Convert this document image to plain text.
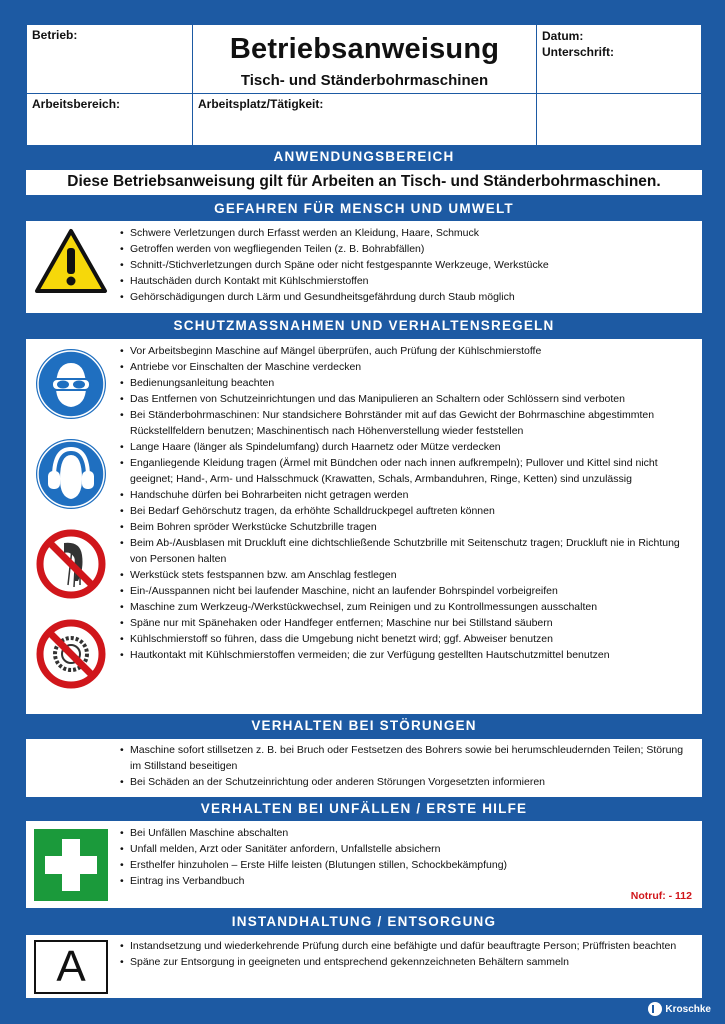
Betrieb:	Betriebsanweisung
Tisch- und Ständerbohrmaschinen
Datum:
Unterschrift:
Arbeitsbereich:	Arbeitsplatz/Tätigkeit:
ANWENDUNGSBEREICH
Diese Betriebsanweisung gilt für Arbeiten an Tisch- und Ständerbohrmaschinen.
GEFAHREN FÜR MENSCH UND UMWELT
• Schwere Verletzungen durch Erfasst werden an Kleidung, Haare, Schmuck
• Getroffen werden von wegfliegenden Teilen (z. B. Bohrabfällen)
• Schnitt-/Stichverletzungen durch Späne oder nicht festgespannte Werkzeuge, Werkstücke
• Hautschäden durch Kontakt mit Kühlschmierstoffen
• Gehörschädigungen durch Lärm und Gesundheitsgefährdung durch Staub möglich
SCHUTZMASSNAHMEN UND VERHALTENSREGELN
• Vor Arbeitsbeginn Maschine auf Mängel überprüfen, auch Prüfung der Kühlschmierstoffe
• Antriebe vor Einschalten der Maschine verdecken
• Bedienungsanleitung beachten
• Das Entfernen von Schutzeinrichtungen und das Manipulieren an Schaltern oder Schlössern sind verboten
• Bei Ständerbohrmaschinen: Nur standsichere Bohrständer mit auf das Gewicht der Bohrmaschine abgestimmten Rückstellfeldern benutzen; Maschinentisch nach Höhenverstellung wieder feststellen
• Lange Haare (länger als Spindelumfang) durch Haarnetz oder Mütze verdecken
• Enganliegende Kleidung tragen (Ärmel mit Bündchen oder nach innen aufkrempeln); Pullover und Kittel sind nicht geeignet; Hand-, Arm- und Halsschmuck (Krawatten, Schals, Armbanduhren, Ringe, Ketten) sind unzulässig
• Handschuhe dürfen bei Bohrarbeiten nicht getragen werden
• Bei Bedarf Gehörschutz tragen, da erhöhte Schalldruckpegel auftreten können
• Beim Bohren spröder Werkstücke Schutzbrille tragen
• Beim Ab-/Ausblasen mit Druckluft eine dichtschließende Schutzbrille mit Seitenschutz tragen; Druckluft nie in Richtung von Personen halten
• Werkstück stets festspannen bzw. am Anschlag festlegen
• Ein-/Ausspannen nicht bei laufender Maschine, nicht an laufender Bohrspindel vorbeigreifen
• Maschine zum Werkzeug-/Werkstückwechsel, zum Reinigen und zu Kontrollmessungen ausschalten
• Späne nur mit Spänehaken oder Handfeger entfernen; Maschine nur bei Stillstand säubern
• Kühlschmierstoff so führen, dass die Umgebung nicht benetzt wird; ggf. Abweiser benutzen
• Hautkontakt mit Kühlschmierstoffen vermeiden; die zur Verfügung gestellten Hautschutzmittel benutzen
VERHALTEN BEI STÖRUNGEN
• Maschine sofort stillsetzen z. B. bei Bruch oder Festsetzen des Bohrers sowie bei herumschleudernden Teilen; Störung im Stillstand beseitigen
• Bei Schäden an der Schutzeinrichtung oder anderen Störungen Vorgesetzten informieren
VERHALTEN BEI UNFÄLLEN / ERSTE HILFE
• Bei Unfällen Maschine abschalten
• Unfall melden, Arzt oder Sanitäter anfordern, Unfallstelle absichern
• Ersthelfer hinzuholen – Erste Hilfe leisten (Blutungen stillen, Schockbekämpfung)
• Eintrag ins Verbandbuch
Notruf: - 112
INSTANDHALTUNG / ENTSORGUNG
A
•	Instandsetzung und wiederkehrende Prüfung durch eine befähigte und dafür beauftragte Person; Prüffristen beachten
• Späne zur Entsorgung in geeigneten und entsprechend gekennzeichneten Behältern sammeln
Kroschke
